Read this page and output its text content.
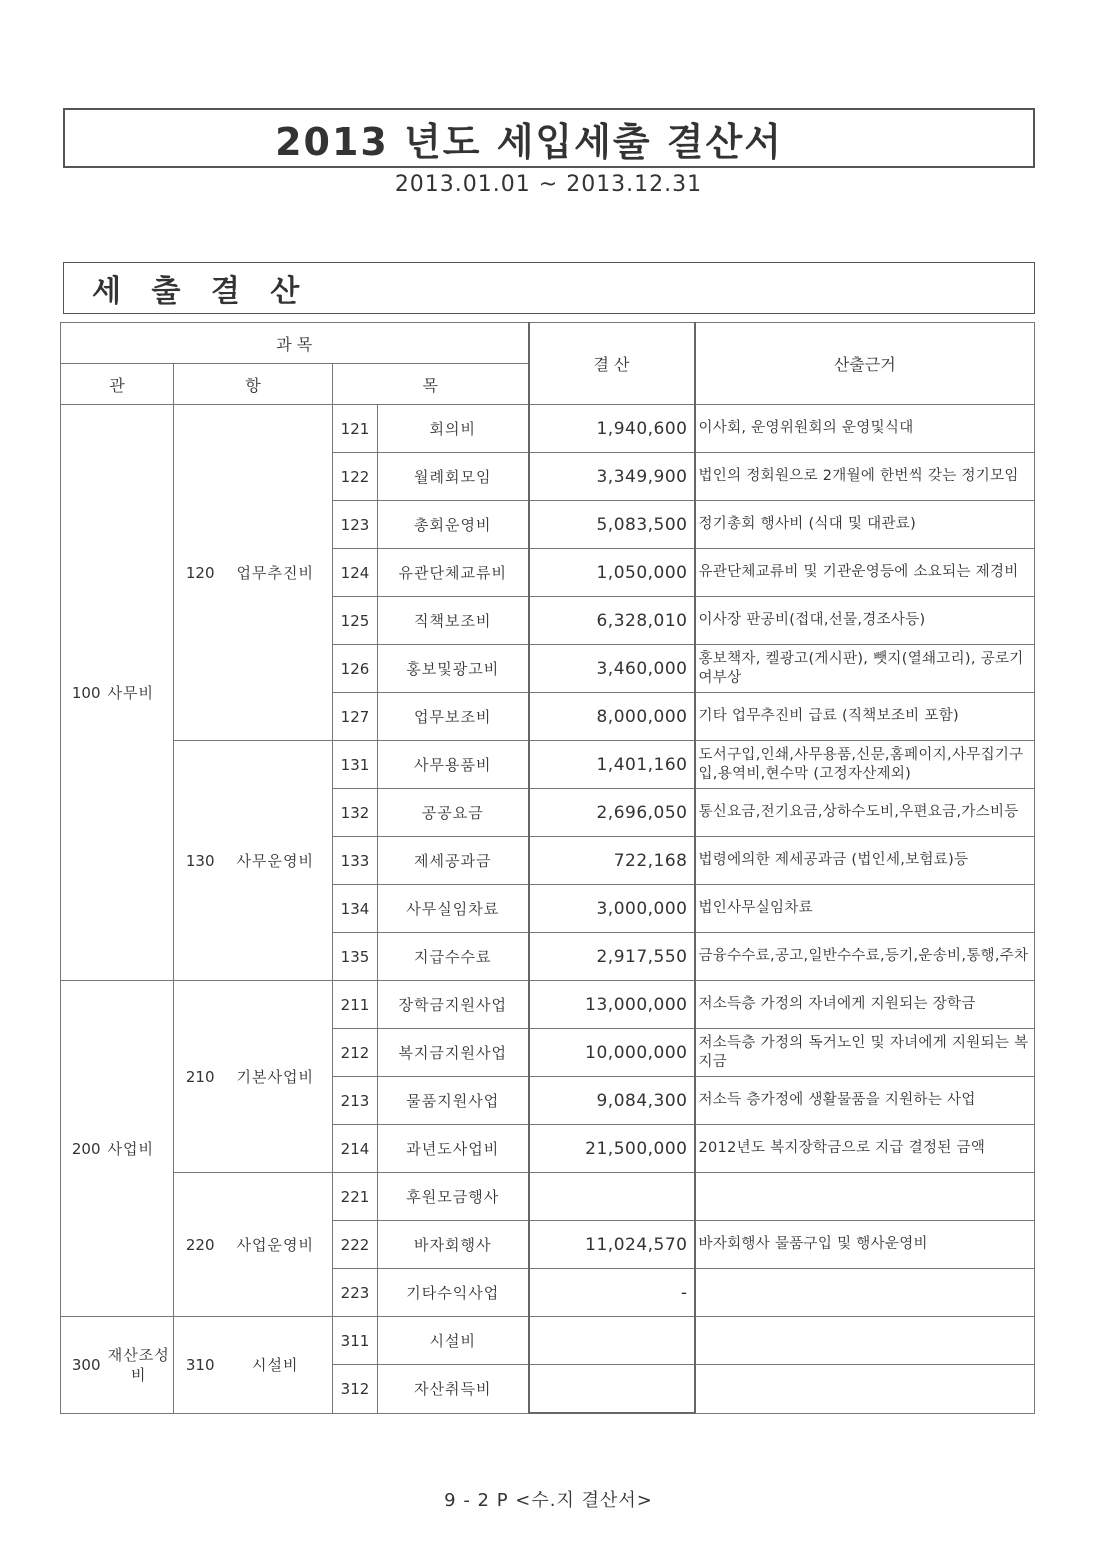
2013 년도 세입세출 결산서
2013.01.01 ~ 2013.12.31
세 출 결 산
과 목						결 산	산출근거
관		항		목			
100	사무비	120	업무추진비	121	회의비	1,940,600	이사회, 운영위원회의 운영및식대
				122	월례회모임	3,349,900	법인의 정회원으로 2개월에 한번씩 갖는 정기모임
				123	총회운영비	5,083,500	정기총회 행사비 (식대 및 대관료)
				124	유관단체교류비	1,050,000	유관단체교류비 및 기관운영등에 소요되는 제경비
				125	직책보조비	6,328,010	이사장 판공비(접대,선물,경조사등)
				126	홍보및광고비	3,460,000	홍보책자, 켈광고(게시판), 뺏지(열쇄고리), 공로기여부상
				127	업무보조비	8,000,000	기타 업무추진비 급료 (직책보조비 포함)
		130	사무운영비	131	사무용품비	1,401,160	도서구입,인쇄,사무용품,신문,홈페이지,사무집기구입,용역비,현수막 (고정자산제외)
				132	공공요금	2,696,050	통신요금,전기요금,상하수도비,우편요금,가스비등
				133	제세공과금	722,168	법령에의한 제세공과금 (법인세,보험료)등
				134	사무실임차료	3,000,000	법인사무실임차료
				135	지급수수료	2,917,550	금융수수료,공고,일반수수료,등기,운송비,통행,주차
200	사업비	210	기본사업비	211	장학금지원사업	13,000,000	저소득층 가정의 자녀에게 지원되는 장학금
				212	복지금지원사업	10,000,000	저소득층 가정의 독거노인 및 자녀에게 지원되는 복지금
				213	물품지원사업	9,084,300	저소득 층가정에 생활물품을 지원하는 사업
				214	과년도사업비	21,500,000	2012년도 복지장학금으로 지급 결정된 금액
		220	사업운영비	221	후원모금행사		
				222	바자회행사	11,024,570	바자회행사 물품구입 및 행사운영비
				223	기타수익사업	-	
300	재산조성비	310	시설비	311	시설비		
				312	자산취득비		
9 - 2 P <수.지 결산서>
